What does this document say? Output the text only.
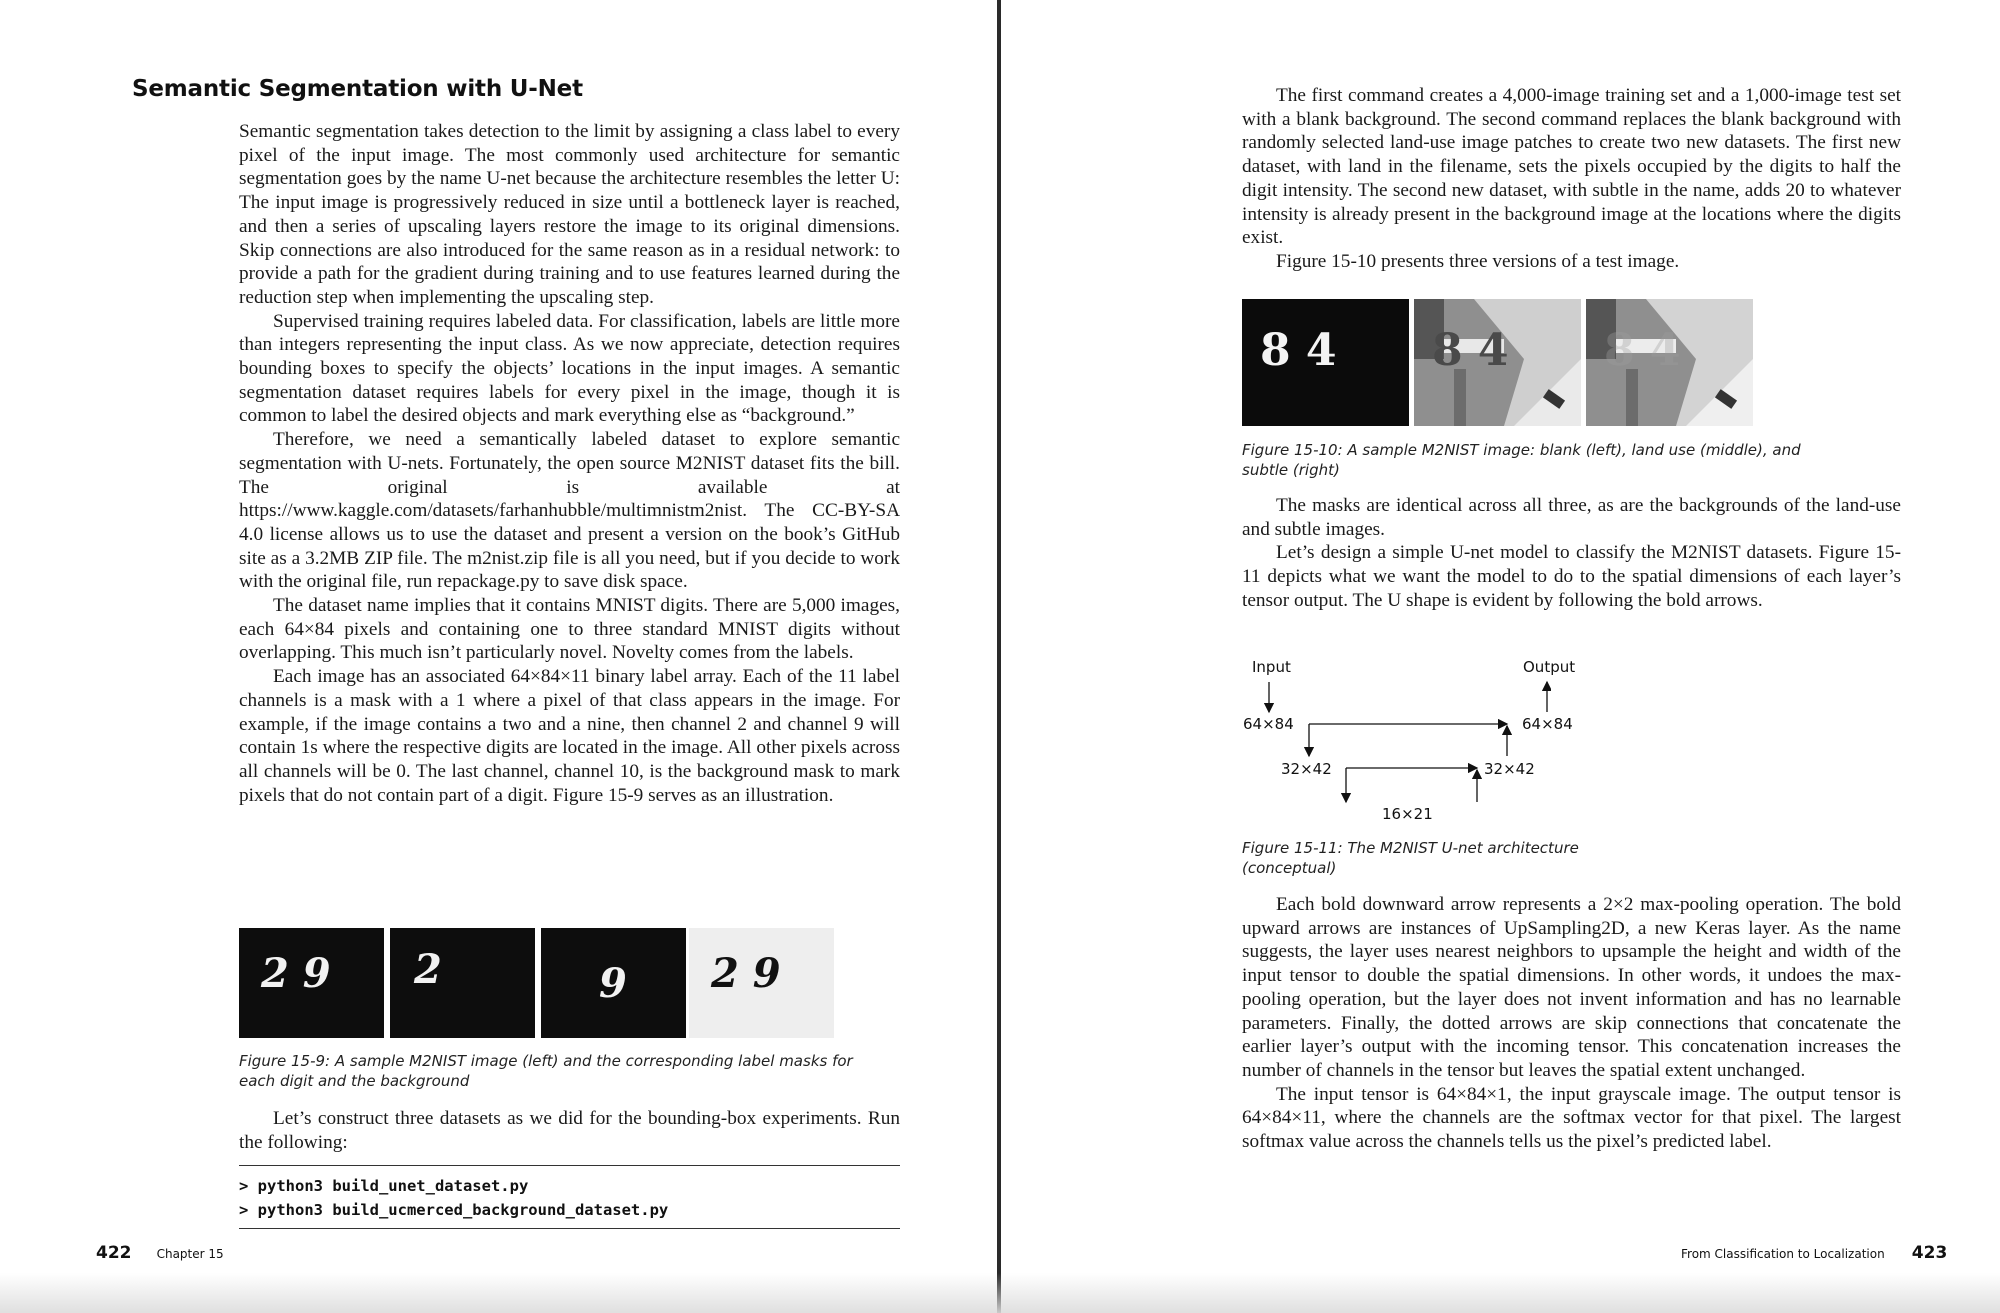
Semantic Segmentation with U-Net

Semantic segmentation takes detection to the limit by assigning a class label to every pixel of the input image. The most commonly used architecture for semantic segmentation goes by the name U-net because the architecture resembles the letter U: The input image is progressively reduced in size until a bottleneck layer is reached, and then a series of upscaling layers restore the image to its original dimensions. Skip connections are also introduced for the same reason as in a residual network: to provide a path for the gradient during training and to use features learned during the reduction step when implementing the upscaling step.

Supervised training requires labeled data. For classification, labels are little more than integers representing the input class. As we now appreciate, detection requires bounding boxes to specify the objects’ locations in the input images. A semantic segmentation dataset requires labels for every pixel in the image, though it is common to label the desired objects and mark everything else as “background.”

Therefore, we need a semantically labeled dataset to explore semantic segmentation with U-nets. Fortunately, the open source M2NIST dataset fits the bill. The original is available at https://www.kaggle.com/datasets/farhanhubble/multimnistm2nist. The CC-BY-SA 4.0 license allows us to use the dataset and present a version on the book’s GitHub site as a 3.2MB ZIP file. The m2nist.zip file is all you need, but if you decide to work with the original file, run repackage.py to save disk space.

The dataset name implies that it contains MNIST digits. There are 5,000 images, each 64×84 pixels and containing one to three standard MNIST digits without overlapping. This much isn’t particularly novel. Novelty comes from the labels.

Each image has an associated 64×84×11 binary label array. Each of the 11 label channels is a mask with a 1 where a pixel of that class appears in the image. For example, if the image contains a two and a nine, then channel 2 and channel 9 will contain 1s where the respective digits are located in the image. All other pixels across all channels will be 0. The last channel, channel 10, is the background mask to mark pixels that do not contain part of a digit. Figure 15-9 serves as an illustration.

2 9 2	9 2 9

Figure 15-9: A sample M2NIST image (left) and the corresponding label masks for each digit and the background

Let’s construct three datasets as we did for the bounding-box experiments. Run the following:

> python3 build_unet_dataset.py
> python3 build_ucmerced_background_dataset.py
422 Chapter 15

The first command creates a 4,000-image training set and a 1,000-image test set with a blank background. The second command replaces the blank background with randomly selected land-use image patches to create two new datasets. The first new dataset, with land in the filename, sets the pixels occupied by the digits to half the digit intensity. The second new dataset, with subtle in the name, adds 20 to whatever intensity is already present in the background image at the locations where the digits exist.

Figure 15-10 presents three versions of a test image.

8 4 8 4 8 4

Figure 15-10: A sample M2NIST image: blank (left), land use (middle), and subtle (right)

The masks are identical across all three, as are the backgrounds of the land-use and subtle images.

Let’s design a simple U-net model to classify the M2NIST datasets. Figure 15-11 depicts what we want the model to do to the spatial dimensions of each layer’s tensor output. The U shape is evident by following the bold arrows.

Input	Output
64×84	64×84
32×42	32×42
16×21

Figure 15-11: The M2NIST U-net architecture (conceptual)

Each bold downward arrow represents a 2×2 max-pooling operation. The bold upward arrows are instances of UpSampling2D, a new Keras layer. As the name suggests, the layer uses nearest neighbors to upsample the height and width of the input tensor to double the spatial dimensions. In other words, it undoes the max-pooling operation, but the layer does not invent information and has no learnable parameters. Finally, the dotted arrows are skip connections that concatenate the earlier layer’s output with the incoming tensor. This concatenation increases the number of channels in the tensor but leaves the spatial extent unchanged.

The input tensor is 64×84×1, the input grayscale image. The output tensor is 64×84×11, where the channels are the softmax vector for that pixel. The largest softmax value across the channels tells us the pixel’s predicted label.

From Classification to Localization 423
